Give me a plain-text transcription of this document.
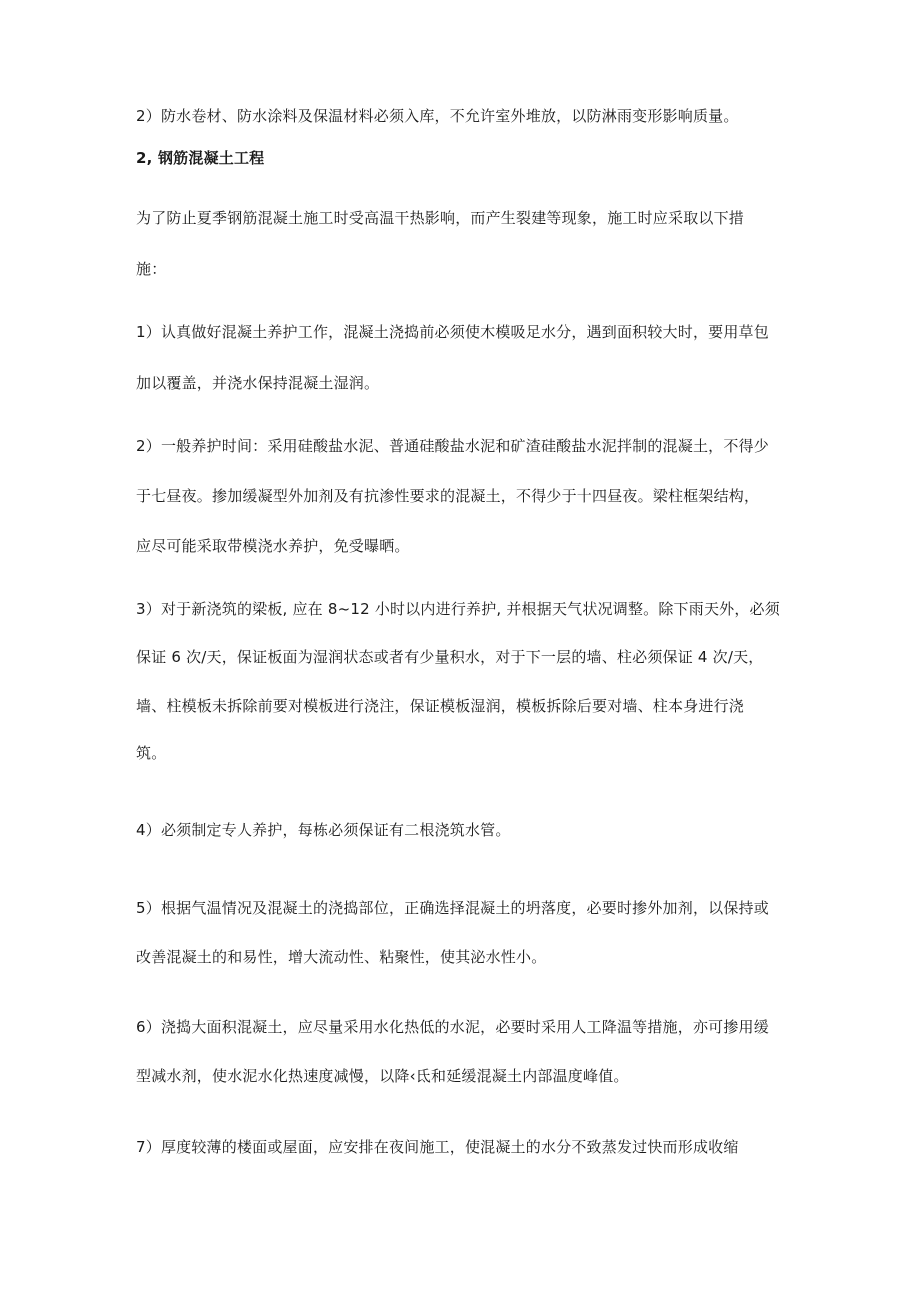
2）防水卷材、防水涂料及保温材料必须入库，不允许室外堆放，以防淋雨变形影响质量。
2, 钢筋混凝土工程
为了防止夏季钢筋混凝土施工时受高温干热影响，而产生裂建等现象，施工时应采取以下措
施：
1）认真做好混凝土养护工作，混凝土浇捣前必须使木模吸足水分，遇到面积较大时，要用草包
加以覆盖，并浇水保持混凝土湿润。
2）一般养护时间：采用硅酸盐水泥、普通硅酸盐水泥和矿渣硅酸盐水泥拌制的混凝土，不得少
于七昼夜。掺加缓凝型外加剂及有抗渗性要求的混凝土，不得少于十四昼夜。梁柱框架结构，
应尽可能采取带模浇水养护，免受曝晒。
3）对于新浇筑的梁板, 应在 8~12 小时以内进行养护, 并根据天气状况调整。除下雨天外，必须
保证 6 次/天，保证板面为湿润状态或者有少量积水，对于下一层的墙、柱必须保证 4 次/天，
墙、柱模板未拆除前要对模板进行浇注，保证模板湿润，模板拆除后要对墙、柱本身进行浇
筑。
4）必须制定专人养护，每栋必须保证有二根浇筑水管。
5）根据气温情况及混凝土的浇捣部位，正确选择混凝土的坍落度，必要时掺外加剂，以保持或
改善混凝土的和易性，增大流动性、粘聚性，使其泌水性小。
6）浇捣大面积混凝土，应尽量采用水化热低的水泥，必要时采用人工降温等措施，亦可掺用缓
型减水剂，使水泥水化热速度减慢，以降‹氐和延缓混凝土内部温度峰值。
7）厚度较薄的楼面或屋面，应安排在夜间施工，使混凝土的水分不致蒸发过快而形成收缩
